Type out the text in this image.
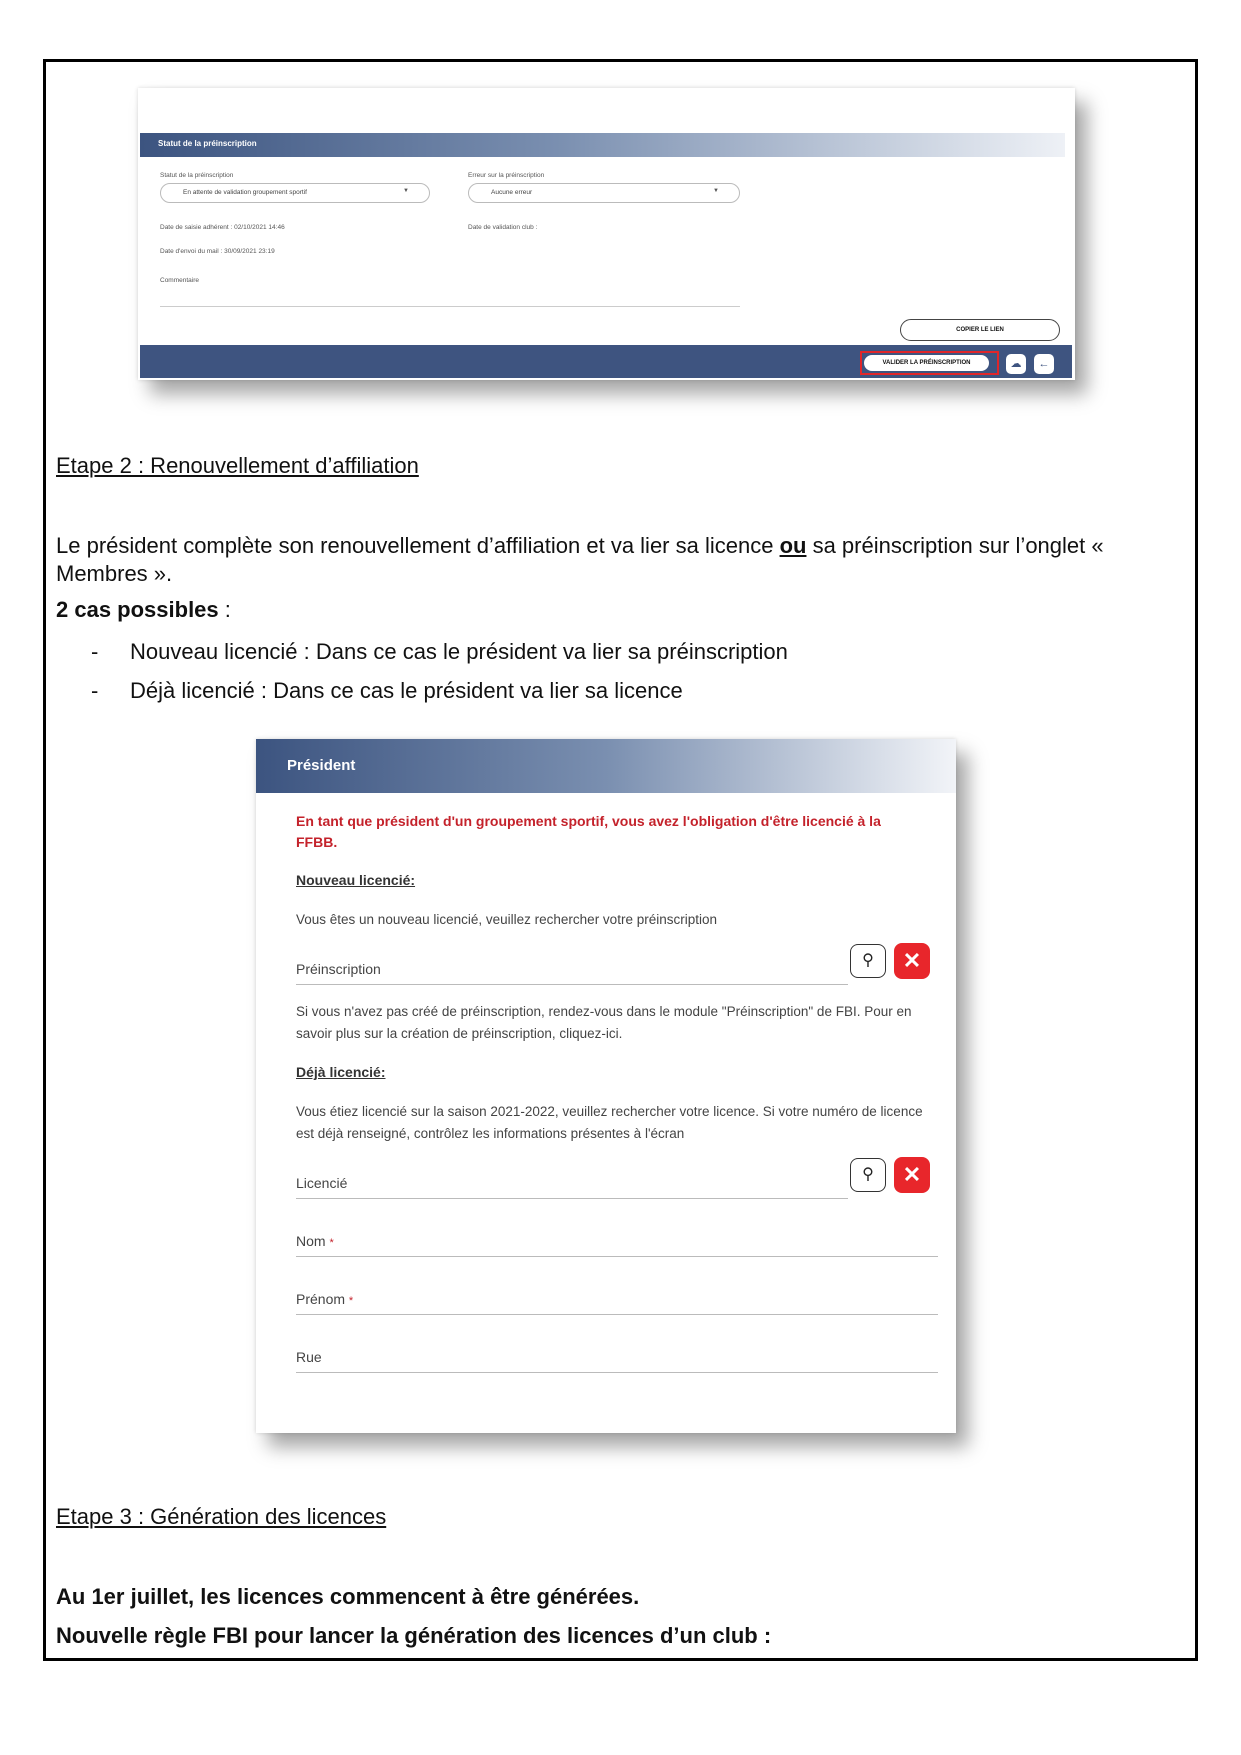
Statut de la préinscription
Statut de la préinscription
En attente de validation groupement sportif	▼
Erreur sur la préinscription
Aucune erreur	▼
Date de saisie adhérent : 02/10/2021 14:46	Date de validation club :
Date d'envoi du mail : 30/09/2021 23:19
Commentaire
COPIER LE LIEN
VALIDER LA PRÉINSCRIPTION	☁	←
Etape 2 : Renouvellement d’affiliation
Le président complète son renouvellement d’affiliation et va lier sa licence ou sa préinscription sur l’onglet « Membres ».
2 cas possibles :
- Nouveau licencié : Dans ce cas le président va lier sa préinscription
- Déjà licencié : Dans ce cas le président va lier sa licence
Président
En tant que président d'un groupement sportif, vous avez l'obligation d'être licencié à la FFBB.
Nouveau licencié:
Vous êtes un nouveau licencié, veuillez rechercher votre préinscription
Préinscription	⚲	✕
Si vous n'avez pas créé de préinscription, rendez-vous dans le module "Préinscription" de FBI. Pour en savoir plus sur la création de préinscription, cliquez-ici.
Déjà licencié:
Vous étiez licencié sur la saison 2021-2022, veuillez rechercher votre licence. Si votre numéro de licence est déjà renseigné, contrôlez les informations présentes à l'écran
Licencié	⚲	✕
Nom *
Prénom *
Rue
Etape 3 : Génération des licences
Au 1er juillet, les licences commencent à être générées.
Nouvelle règle FBI pour lancer la génération des licences d’un club :
